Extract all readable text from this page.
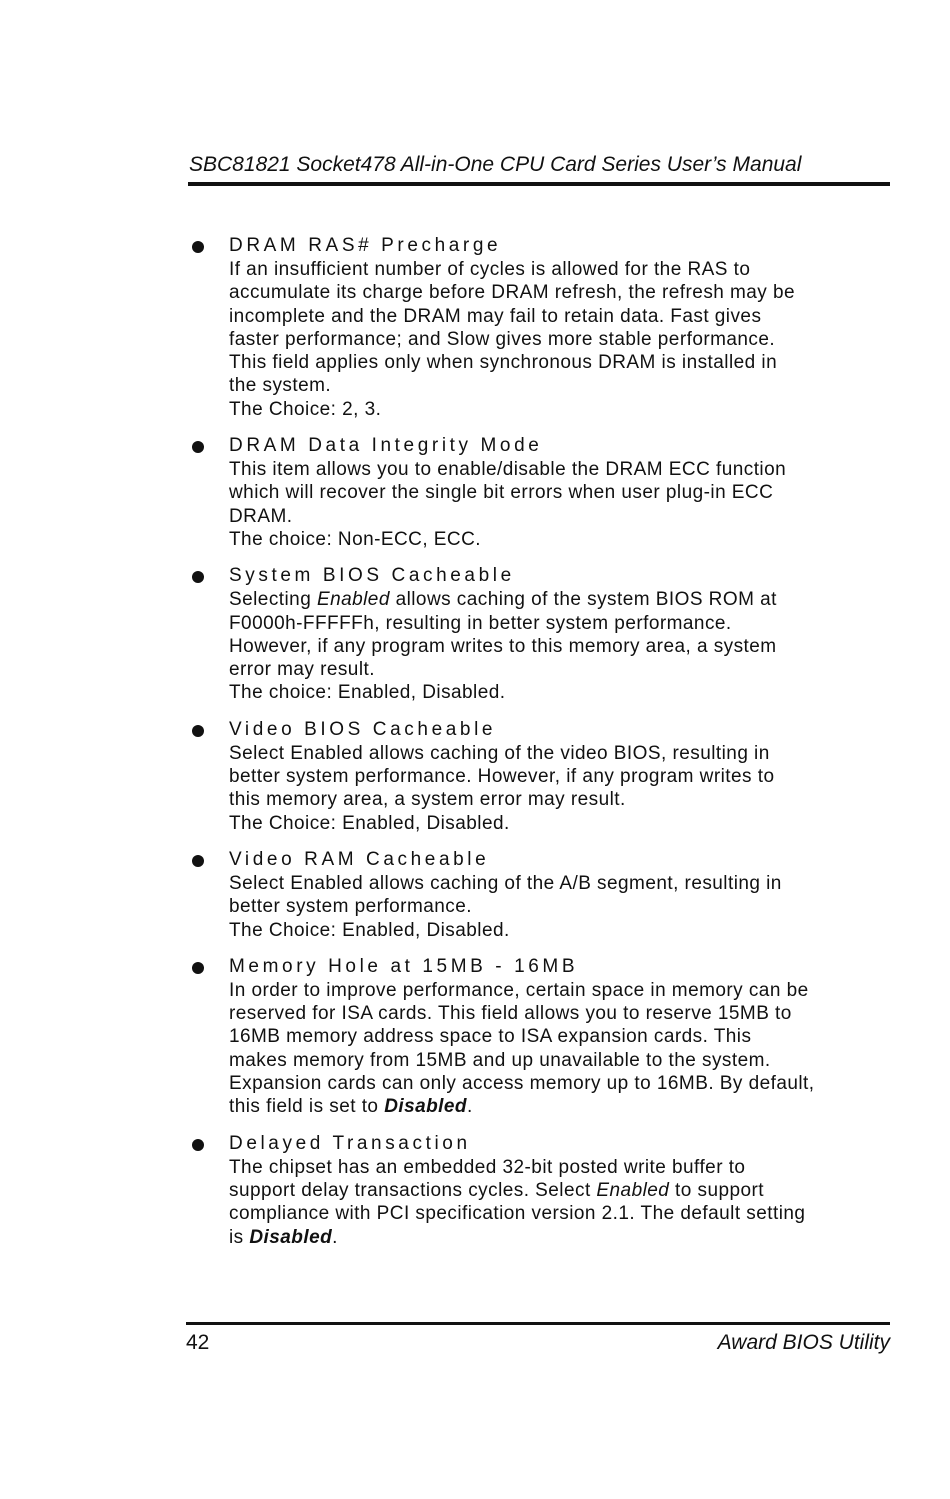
SBC81821 Socket478 All-in-One CPU Card Series User’s Manual
DRAM RAS# Precharge
If an insufficient number of cycles is allowed for the RAS to
accumulate its charge before DRAM refresh, the refresh may be
incomplete and the DRAM may fail to retain data. Fast gives
faster performance; and Slow gives more stable performance.
This field applies only when synchronous DRAM is installed in
the system.
The Choice: 2, 3.
DRAM Data Integrity Mode
This item allows you to enable/disable the DRAM ECC function
which will recover the single bit errors when user plug-in ECC
DRAM.
The choice: Non-ECC, ECC.
System BIOS Cacheable
Selecting Enabled allows caching of the system BIOS ROM at
F0000h-FFFFFh, resulting in better system performance.
However, if any program writes to this memory area, a system
error may result.
The choice: Enabled, Disabled.
Video BIOS Cacheable
Select Enabled allows caching of the video BIOS, resulting in
better system performance. However, if any program writes to
this memory area, a system error may result.
The Choice: Enabled, Disabled.
Video RAM Cacheable
Select Enabled allows caching of the A/B segment, resulting in
better system performance.
The Choice: Enabled, Disabled.
Memory Hole at 15MB - 16MB
In order to improve performance, certain space in memory can be
reserved for ISA cards. This field allows you to reserve 15MB to
16MB memory address space to ISA expansion cards. This
makes memory from 15MB and up unavailable to the system.
Expansion cards can only access memory up to 16MB. By default,
this field is set to Disabled.
Delayed Transaction
The chipset has an embedded 32-bit posted write buffer to
support delay transactions cycles. Select Enabled to support
compliance with PCI specification version 2.1. The default setting
is Disabled.
42	Award BIOS Utility
